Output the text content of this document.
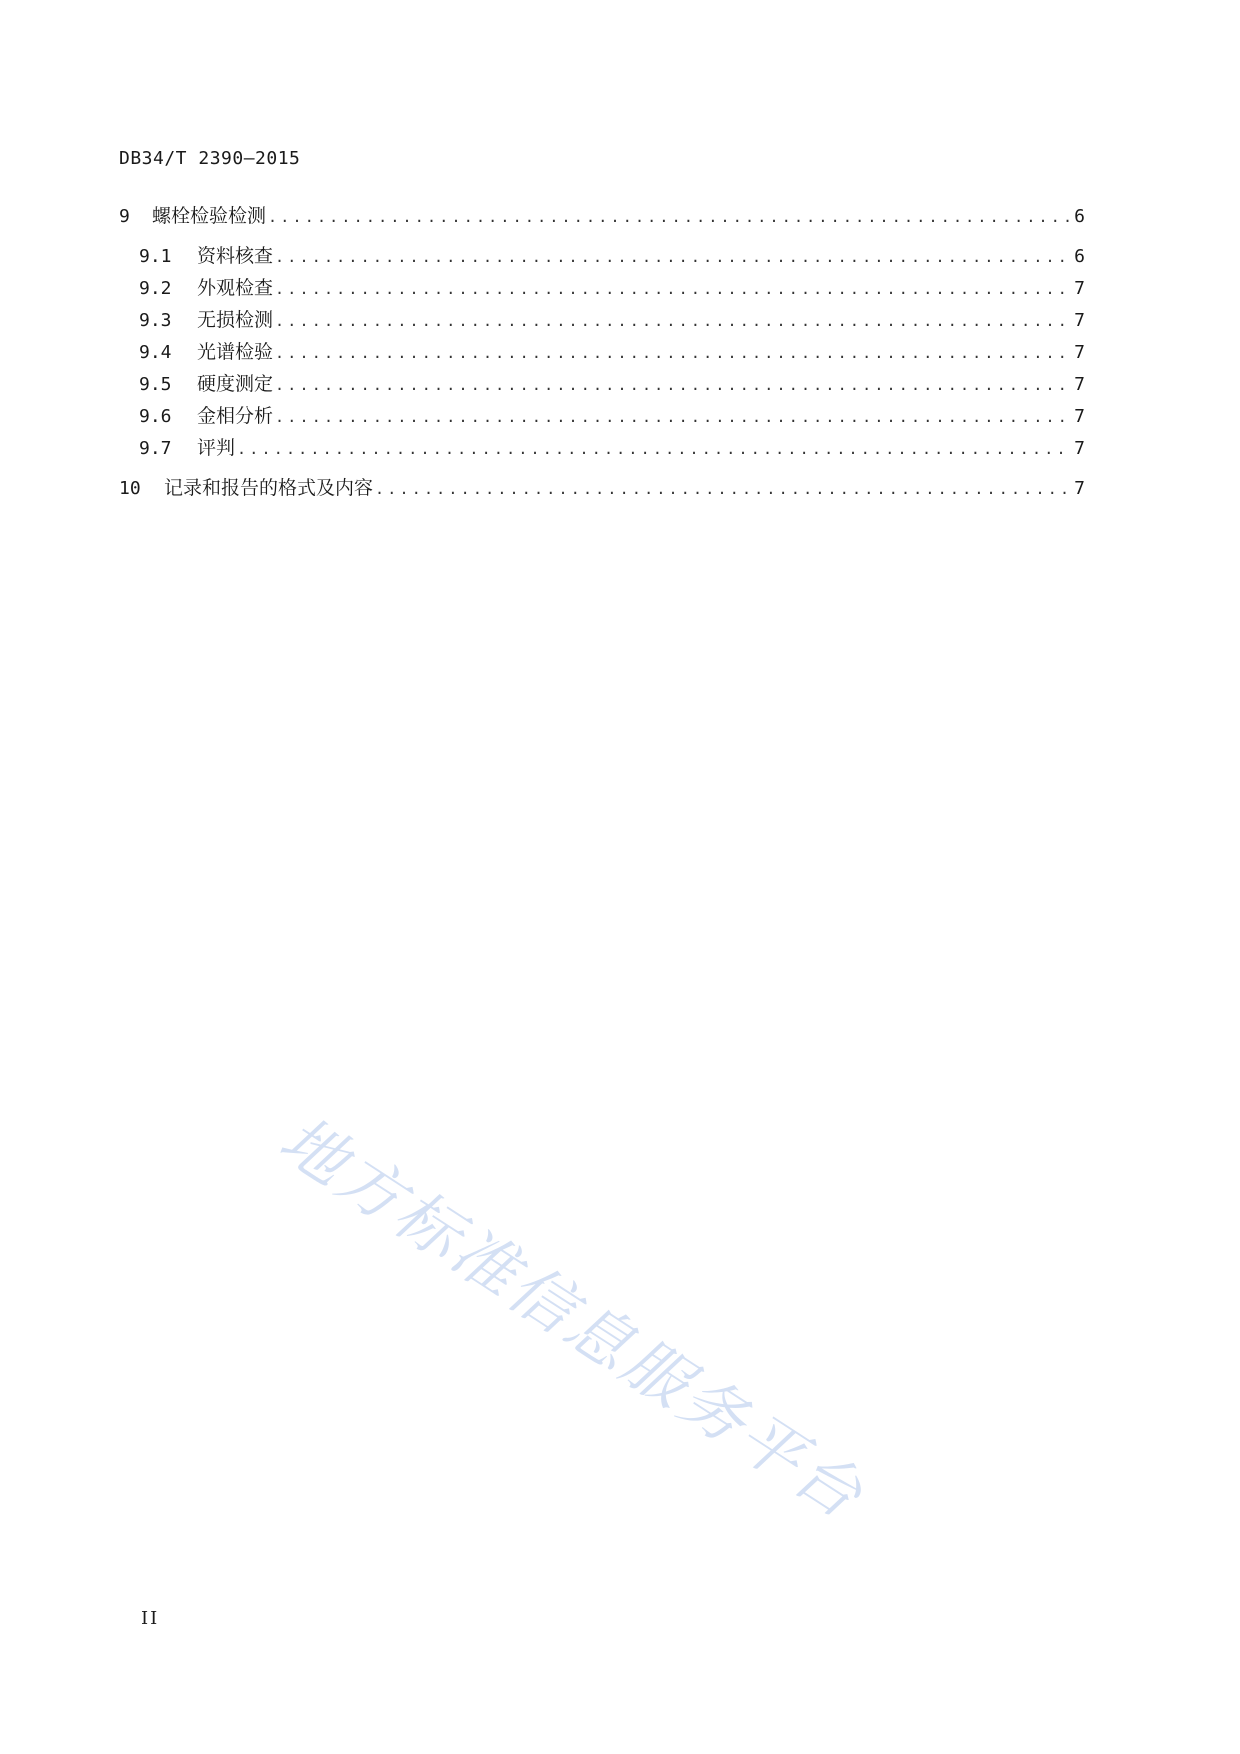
DB34/T 2390—2015
9	螺栓检验检测 .....	6
9.1	资料核查 .....	6
9.2	外观检查 .....	7
9.3	无损检测 .....	7
9.4	光谱检验 .....	7
9.5	硬度测定 .....	7
9.6	金相分析 .....	7
9.7	评判 .....	7
10	记录和报告的格式及内容 .....	7
地方标准信息服务平台
II
